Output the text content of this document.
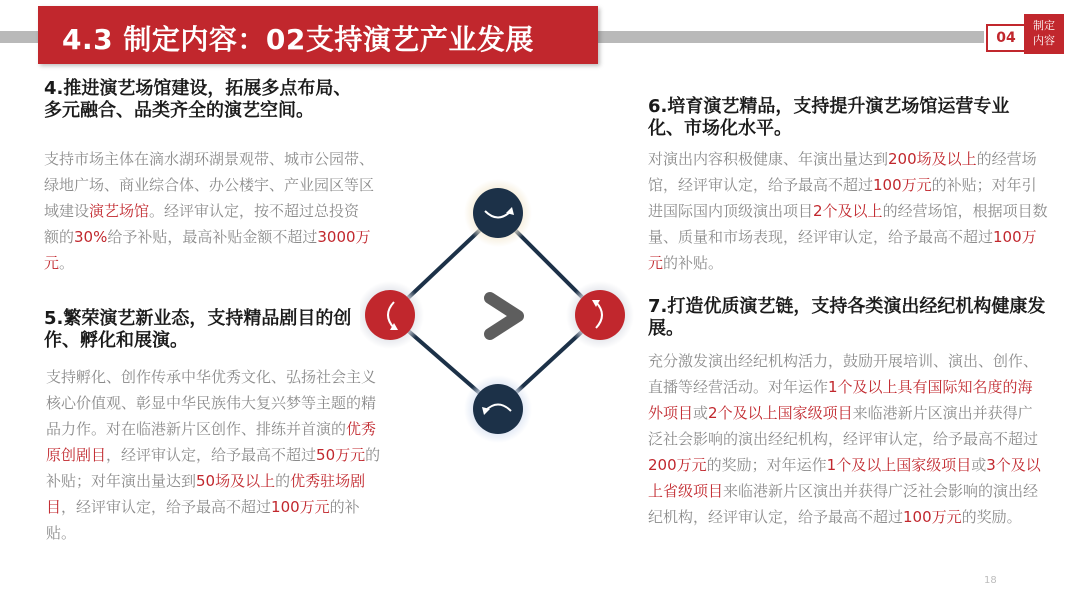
4.3 制定内容：02支持演艺产业发展	04
制定
内容
4.推进演艺场馆建设，拓展多点布局、多元融合、品类齐全的演艺空间。
支持市场主体在滴水湖环湖景观带、城市公园带、绿地广场、商业综合体、办公楼宇、产业园区等区域建设演艺场馆。经评审认定，按不超过总投资额的30%给予补贴，最高补贴金额不超过3000万元。
5.繁荣演艺新业态，支持精品剧目的创作、孵化和展演。
支持孵化、创作传承中华优秀文化、弘扬社会主义核心价值观、彰显中华民族伟大复兴梦等主题的精品力作。对在临港新片区创作、排练并首演的优秀原创剧目，经评审认定，给予最高不超过50万元的补贴；对年演出量达到50场及以上的优秀驻场剧目，经评审认定，给予最高不超过100万元的补贴。
6.培育演艺精品，支持提升演艺场馆运营专业化、市场化水平。
对演出内容积极健康、年演出量达到200场及以上的经营场馆，经评审认定，给予最高不超过100万元的补贴；对年引进国际国内顶级演出项目2个及以上的经营场馆，根据项目数量、质量和市场表现，经评审认定，给予最高不超过100万元的补贴。
7.打造优质演艺链，支持各类演出经纪机构健康发展。
充分激发演出经纪机构活力，鼓励开展培训、演出、创作、直播等经营活动。对年运作1个及以上具有国际知名度的海外项目或2个及以上国家级项目来临港新片区演出并获得广泛社会影响的演出经纪机构，经评审认定，给予最高不超过200万元的奖励；对年运作1个及以上国家级项目或3个及以上省级项目来临港新片区演出并获得广泛社会影响的演出经纪机构，经评审认定，给予最高不超过100万元的奖励。
18
